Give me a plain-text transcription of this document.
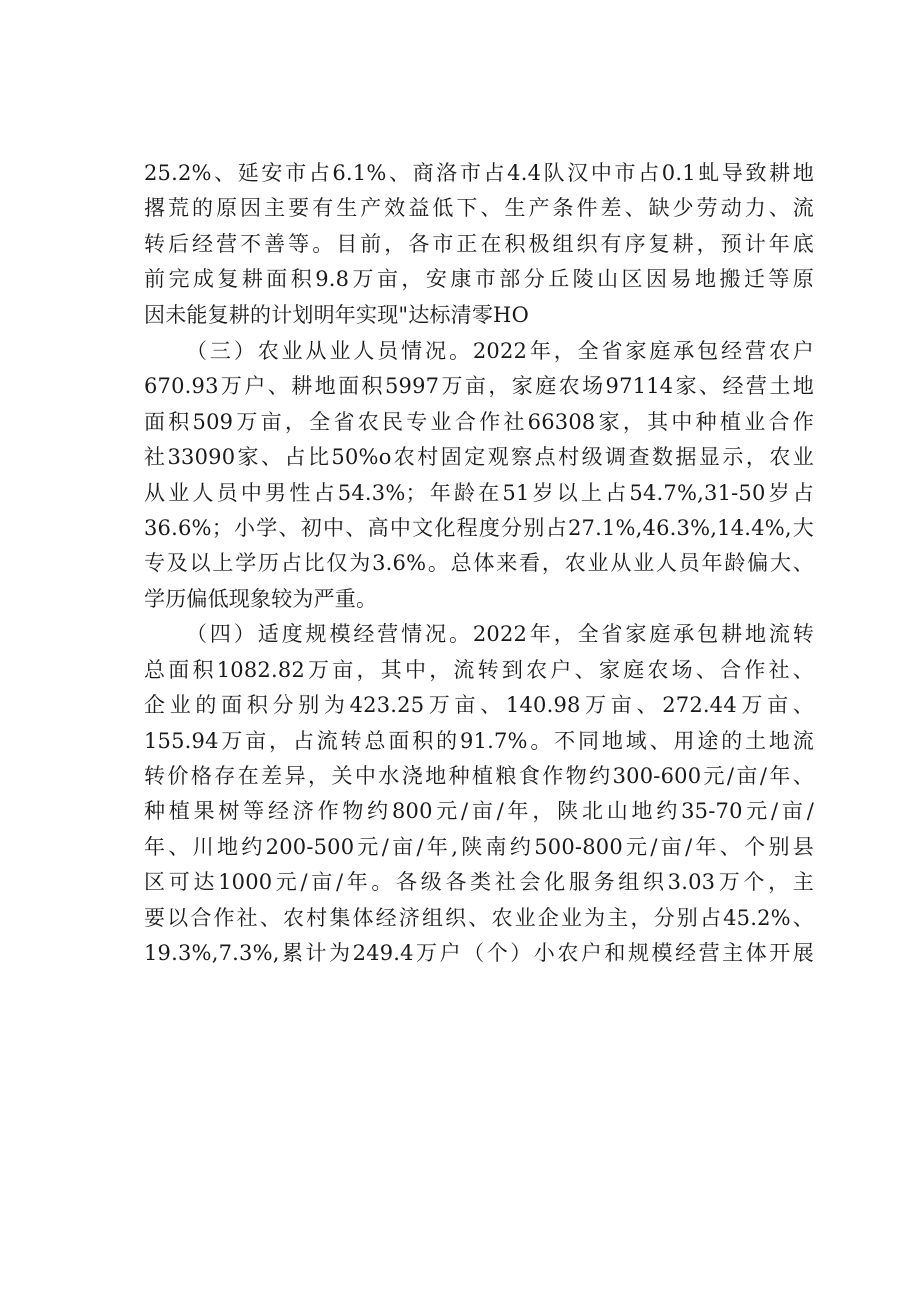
25.2%、延安市占6.1%、商洛市占4.4队汉中市占0.1虬导致耕地
撂荒的原因主要有生产效益低下、生产条件差、缺少劳动力、流
转后经营不善等。目前，各市正在积极组织有序复耕，预计年底
前完成复耕面积9.8万亩，安康市部分丘陵山区因易地搬迁等原
因未能复耕的计划明年实现"达标清零HO
（三）农业从业人员情况。2022年，全省家庭承包经营农户
670.93万户、耕地面积5997万亩，家庭农场97114家、经营土地
面积509万亩，全省农民专业合作社66308家，其中种植业合作
社33090家、占比50%o农村固定观察点村级调查数据显示，农业
从业人员中男性占54.3%；年龄在51岁以上占54.7%,31-50岁占
36.6%；小学、初中、高中文化程度分别占27.1%,46.3%,14.4%,大
专及以上学历占比仅为3.6%。总体来看，农业从业人员年龄偏大、
学历偏低现象较为严重。
（四）适度规模经营情况。2022年，全省家庭承包耕地流转
总面积1082.82万亩，其中，流转到农户、家庭农场、合作社、
企业的面积分别为423.25万亩、140.98万亩、272.44万亩、
155.94万亩，占流转总面积的91.7%。不同地域、用途的土地流
转价格存在差异，关中水浇地种植粮食作物约300-600元/亩/年、
种植果树等经济作物约800元/亩/年，陕北山地约35-70元/亩/
年、川地约200-500元/亩/年,陕南约500-800元/亩/年、个别县
区可达1000元/亩/年。各级各类社会化服务组织3.03万个，主
要以合作社、农村集体经济组织、农业企业为主，分别占45.2%、
19.3%,7.3%,累计为249.4万户（个）小农户和规模经营主体开展
